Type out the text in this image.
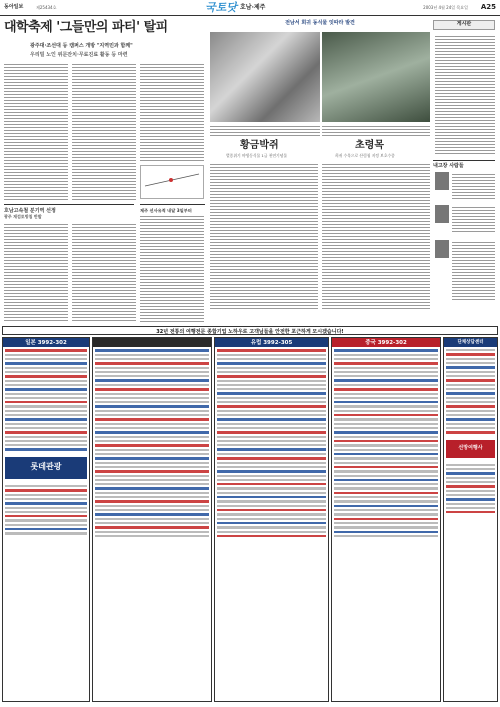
동아일보	제25434호	국토닷 호남·제주	2003년 4월 24일 목요일 A25
대학축제 '그들만의 파티' 탈피
광주대·조선대 등 캠퍼스 개방 "지역민과 함께"
우리밀 노인 위문잔치·무료진료 활동 등 마련
호남고속철 분기역 선정
광주 재검토방침 반발
제주 선사유적 내달 3일부터
전남서 희귀 동식물 잇따라 발견
황금박쥐
멸종위기 야생동식물 1급 천연기념물
초령목
희귀 수목으로 산림청 지정 보호수종
게시판
내고장 사람들
32년 전통의 여행전문 종합기업 노하우로 고객님들을 안전한 포근하게 모시겠습니다!
일본 3992-302
롯데관광
유럽 3992-305	중국 3992-302	단체상담센터
선망여행사
